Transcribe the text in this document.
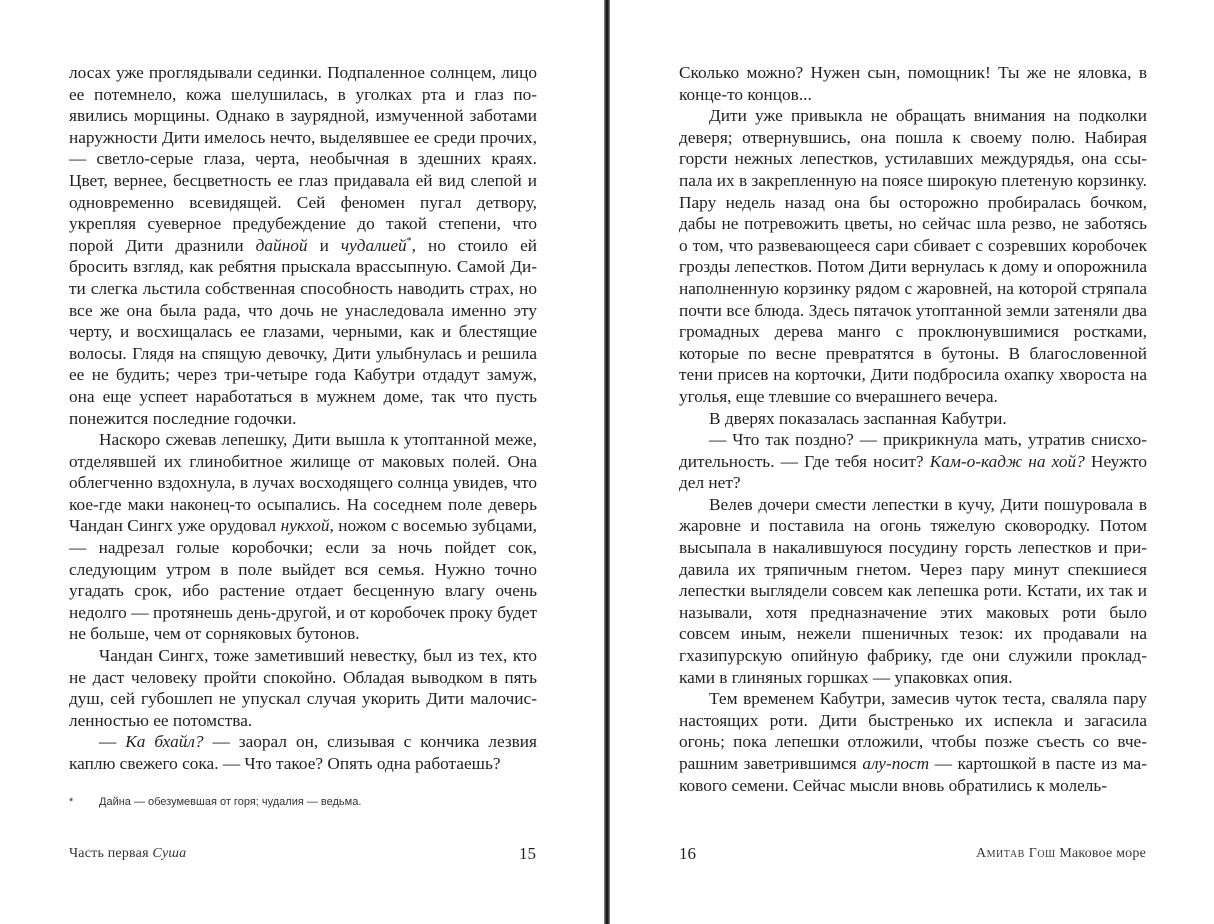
лосах уже проглядывали сединки. Подпаленное солнцем, лицо ее потемнело, кожа шелушилась, в уголках рта и глаз появились морщины. Однако в заурядной, измученной заботами наружности Дити имелось нечто, выделявшее ее среди прочих, — светло-серые глаза, черта, необычная в здешних краях. Цвет, вернее, бесцветность ее глаз придавала ей вид слепой и одновременно всевидящей. Сей феномен пугал детвору, укрепляя суеверное предубеждение до такой степени, что порой Дити дразнили дайной и чудалией*, но стоило ей бросить взгляд, как ребятня прыскала врассыпную. Самой Дити слегка льстила собственная способность наводить страх, но все же она была рада, что дочь не унаследовала именно эту черту, и восхищалась ее глазами, черными, как и блестящие волосы. Глядя на спящую девочку, Дити улыбнулась и решила ее не будить; через три-четыре года Кабутри отдадут замуж, она еще успеет наработаться в мужнем доме, так что пусть понежится последние годочки.

Наскоро сжевав лепешку, Дити вышла к утоптанной меже, отделявшей их глинобитное жилище от маковых полей. Она облегченно вздохнула, в лучах восходящего солнца увидев, что кое-где маки наконец-то осыпались. На соседнем поле деверь Чандан Сингх уже орудовал нукхой, ножом с восемью зубцами, — надрезал голые коробочки; если за ночь пойдет сок, следующим утром в поле выйдет вся семья. Нужно точно угадать срок, ибо растение отдает бесценную влагу очень недолго — протянешь день-другой, и от коробочек проку будет не больше, чем от сорняковых бутонов.

Чандан Сингх, тоже заметивший невестку, был из тех, кто не даст человеку пройти спокойно. Обладая выводком в пять душ, сей губошлеп не упускал случая укорить Дити малочисленностью ее потомства.

— Ка бхайл? — заорал он, слизывая с кончика лезвия каплю свежего сока. — Что такое? Опять одна работаешь?

* Дайна — обезумевшая от горя; чудалия — ведьма.
Часть первая Суша	15

Сколько можно? Нужен сын, помощник! Ты же не яловка, в конце-то концов...

Дити уже привыкла не обращать внимания на подколки деверя; отвернувшись, она пошла к своему полю. Набирая горсти нежных лепестков, устилавших междурядья, она ссыпала их в закрепленную на поясе широкую плетеную корзинку. Пару недель назад она бы осторожно пробиралась бочком, дабы не потревожить цветы, но сейчас шла резво, не заботясь о том, что развевающееся сари сбивает с созревших коробочек грозды лепестков. Потом Дити вернулась к дому и опорожнила наполненную корзинку рядом с жаровней, на которой стряпала почти все блюда. Здесь пятачок утоптанной земли затеняли два громадных дерева манго с проклюнувшимися ростками, которые по весне превратятся в бутоны. В благословенной тени присев на корточки, Дити подбросила охапку хвороста на уголья, еще тлевшие со вчерашнего вечера.

В дверях показалась заспанная Кабутри.

— Что так поздно? — прикрикнула мать, утратив снисходительность. — Где тебя носит? Кам-о-кадж на хой? Неужто дел нет?

Велев дочери смести лепестки в кучу, Дити пошуровала в жаровне и поставила на огонь тяжелую сковородку. Потом высыпала в накалившуюся посудину горсть лепестков и придавила их тряпичным гнетом. Через пару минут спекшиеся лепестки выглядели совсем как лепешка роти. Кстати, их так и называли, хотя предназначение этих маковых роти было совсем иным, нежели пшеничных тезок: их продавали на гхазипурскую опийную фабрику, где они служили прокладками в глиняных горшках — упаковках опия.

Тем временем Кабутри, замесив чуток теста, сваляла пару настоящих роти. Дити быстренько их испекла и загасила огонь; пока лепешки отложили, чтобы позже съесть со вчерашним заветрившимся алу-пост — картошкой в пасте из макового семени. Сейчас мысли вновь обратились к молель-

16	Амитав Гош Маковое море
